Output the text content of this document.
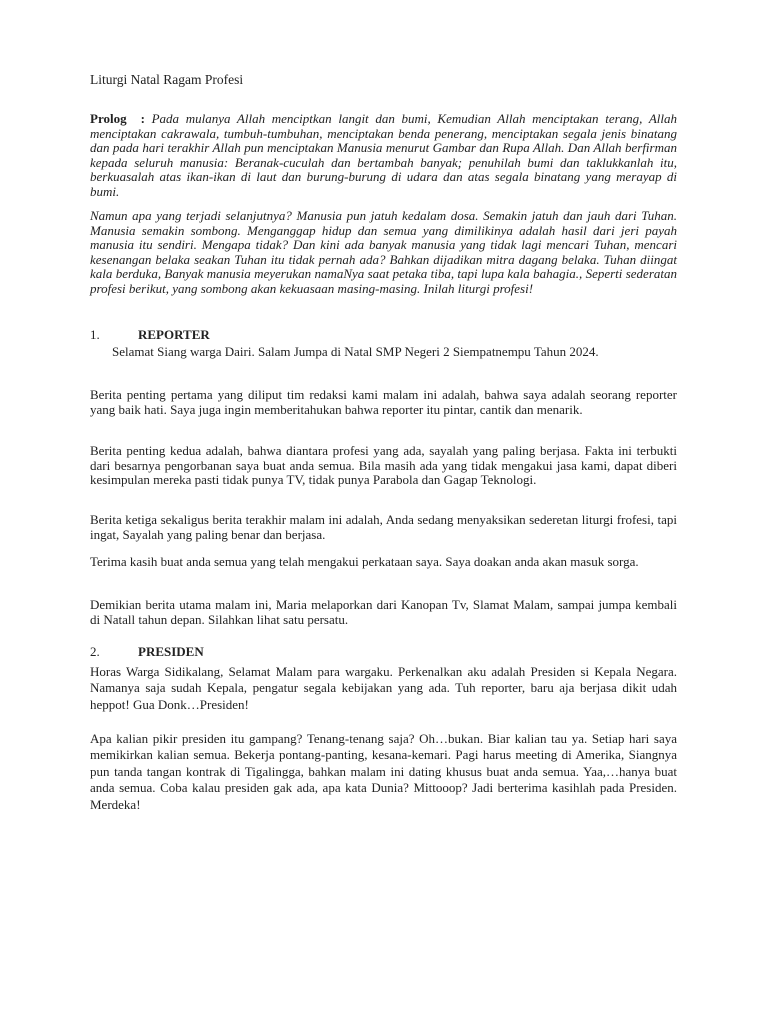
Liturgi Natal Ragam Profesi
Prolog : Pada mulanya Allah menciptkan langit dan bumi, Kemudian Allah menciptakan terang, Allah menciptakan cakrawala, tumbuh-tumbuhan, menciptakan benda penerang, menciptakan segala jenis binatang dan pada hari terakhir Allah pun menciptakan Manusia menurut Gambar dan Rupa Allah. Dan Allah berfirman kepada seluruh manusia: Beranak-cuculah dan bertambah banyak; penuhilah bumi dan taklukkanlah itu, berkuasalah atas ikan-ikan di laut dan burung-burung di udara dan atas segala binatang yang merayap di bumi.
Namun apa yang terjadi selanjutnya? Manusia pun jatuh kedalam dosa. Semakin jatuh dan jauh dari Tuhan. Manusia semakin sombong. Menganggap hidup dan semua yang dimilikinya adalah hasil dari jeri payah manusia itu sendiri. Mengapa tidak? Dan kini ada banyak manusia yang tidak lagi mencari Tuhan, mencari kesenangan belaka seakan Tuhan itu tidak pernah ada? Bahkan dijadikan mitra dagang belaka. Tuhan diingat kala berduka, Banyak manusia meyerukan namaNya saat petaka tiba, tapi lupa kala bahagia., Seperti sederatan profesi berikut, yang sombong akan kekuasaan masing-masing. Inilah liturgi profesi!
1.	REPORTER
Selamat Siang warga Dairi. Salam Jumpa di Natal SMP Negeri 2 Siempatnempu Tahun 2024.
Berita penting pertama yang diliput tim redaksi kami malam ini adalah, bahwa saya adalah seorang reporter yang baik hati. Saya juga ingin memberitahukan bahwa reporter itu pintar, cantik dan menarik.
Berita penting kedua adalah, bahwa diantara profesi yang ada, sayalah yang paling berjasa. Fakta ini terbukti dari besarnya pengorbanan saya buat anda semua. Bila masih ada yang tidak mengakui jasa kami, dapat diberi kesimpulan mereka pasti tidak punya TV, tidak punya Parabola dan Gagap Teknologi.
Berita ketiga sekaligus berita terakhir malam ini adalah, Anda sedang menyaksikan sederetan liturgi frofesi, tapi ingat, Sayalah yang paling benar dan berjasa.
Terima kasih buat anda semua yang telah mengakui perkataan saya. Saya doakan anda akan masuk sorga.
Demikian berita utama malam ini, Maria melaporkan dari Kanopan Tv, Slamat Malam, sampai jumpa kembali di Natall tahun depan. Silahkan lihat satu persatu.
2.	PRESIDEN
Horas Warga Sidikalang, Selamat Malam para wargaku. Perkenalkan aku adalah Presiden si Kepala Negara. Namanya saja sudah Kepala, pengatur segala kebijakan yang ada. Tuh reporter, baru aja berjasa dikit udah heppot! Gua Donk…Presiden!
Apa kalian pikir presiden itu gampang? Tenang-tenang saja? Oh…bukan. Biar kalian tau ya. Setiap hari saya memikirkan kalian semua. Bekerja pontang-panting, kesana-kemari. Pagi harus meeting di Amerika, Siangnya pun tanda tangan kontrak di Tigalingga, bahkan malam ini dating khusus buat anda semua. Yaa,…hanya buat anda semua. Coba kalau presiden gak ada, apa kata Dunia? Mittooop? Jadi berterima kasihlah pada Presiden. Merdeka!
